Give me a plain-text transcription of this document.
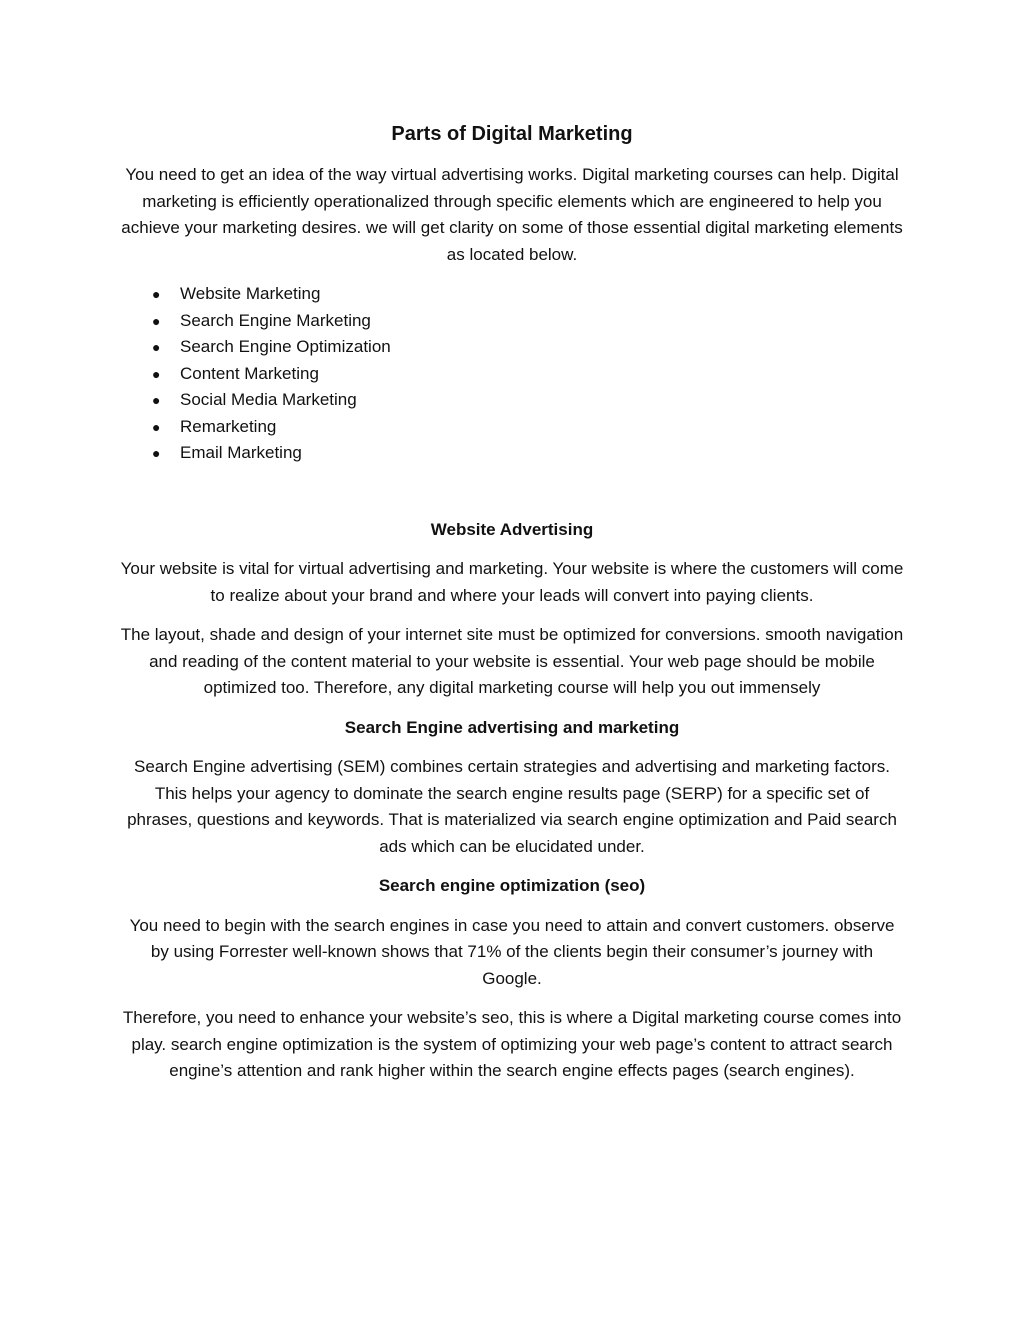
Parts of Digital Marketing

You need to get an idea of the way virtual advertising works. Digital marketing courses can help. Digital marketing is efficiently operationalized through specific elements which are engineered to help you achieve your marketing desires. we will get clarity on some of those essential digital marketing elements as located below.

● Website Marketing
● Search Engine Marketing
● Search Engine Optimization
● Content Marketing
● Social Media Marketing
● Remarketing
● Email Marketing
Website Advertising

Your website is vital for virtual advertising and marketing. Your website is where the customers will come to realize about your brand and where your leads will convert into paying clients.

The layout, shade and design of your internet site must be optimized for conversions. smooth navigation and reading of the content material to your website is essential. Your web page should be mobile optimized too. Therefore, any digital marketing course will help you out immensely

Search Engine advertising and marketing

Search Engine advertising (SEM) combines certain strategies and advertising and marketing factors. This helps your agency to dominate the search engine results page (SERP) for a specific set of phrases, questions and keywords. That is materialized via search engine optimization and Paid search ads which can be elucidated under.

Search engine optimization (seo)

You need to begin with the search engines in case you need to attain and convert customers. observe by using Forrester well-known shows that 71% of the clients begin their consumer’s journey with Google.

Therefore, you need to enhance your website’s seo, this is where a Digital marketing course comes into play. search engine optimization is the system of optimizing your web page’s content to attract search engine’s attention and rank higher within the search engine effects pages (search engines).
